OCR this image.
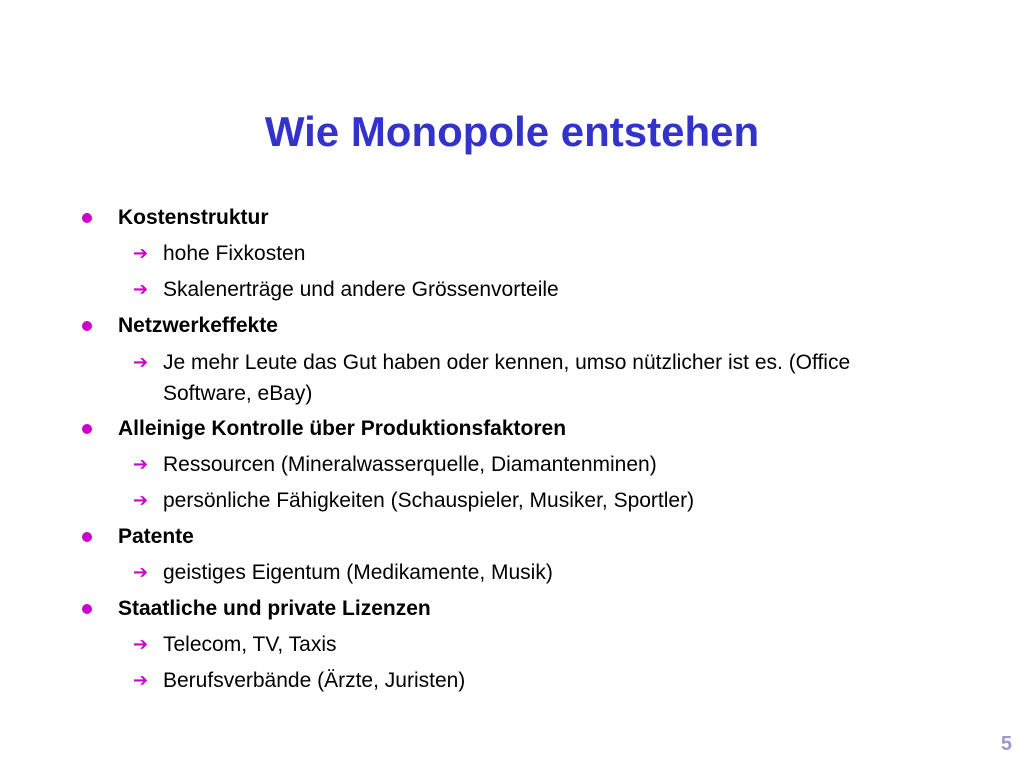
Wie Monopole entstehen
Kostenstruktur
➔ hohe Fixkosten
➔ Skalenerträge und andere Grössenvorteile
Netzwerkeffekte
➔ Je mehr Leute das Gut haben oder kennen, umso nützlicher ist es. (Office Software, eBay)
Alleinige Kontrolle über Produktionsfaktoren
➔ Ressourcen (Mineralwasserquelle, Diamantenminen)
➔ persönliche Fähigkeiten (Schauspieler, Musiker, Sportler)
Patente
➔ geistiges Eigentum (Medikamente, Musik)
Staatliche und private Lizenzen
➔ Telecom, TV, Taxis
➔ Berufsverbände (Ärzte, Juristen)
5
